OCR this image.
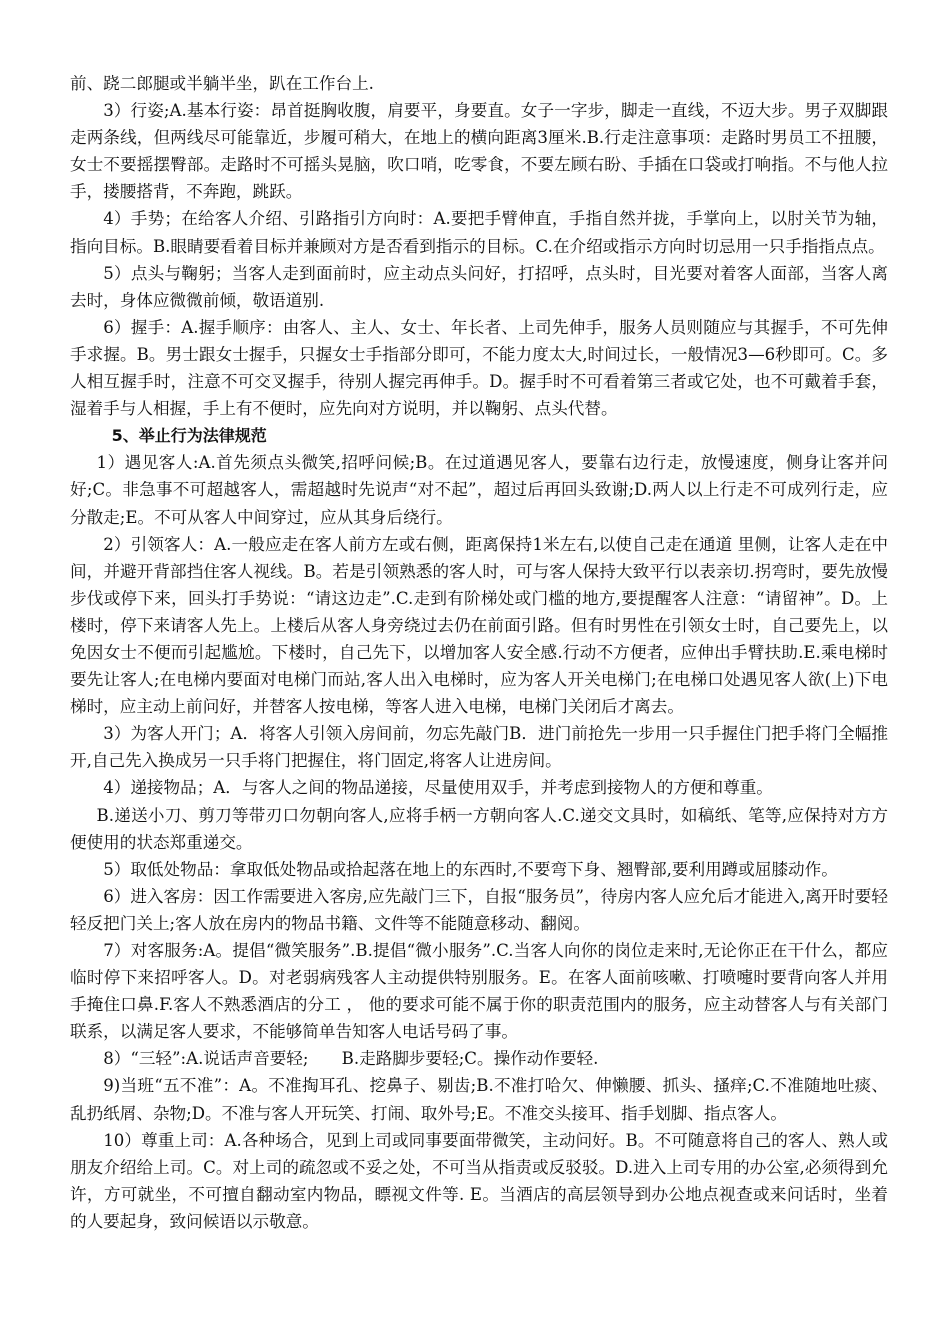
前、跷二郎腿或半躺半坐，趴在工作台上.

3）行姿;A.基本行姿：昂首挺胸收腹，肩要平，身要直。女子一字步，脚走一直线，不迈大步。男子双脚跟走两条线，但两线尽可能靠近，步履可稍大，在地上的横向距离3厘米.B.行走注意事项：走路时男员工不扭腰，女士不要摇摆臀部。走路时不可摇头晃脑，吹口哨，吃零食，不要左顾右盼、手插在口袋或打响指。不与他人拉手，搂腰搭背，不奔跑，跳跃。

4）手势；在给客人介绍、引路指引方向时：A.要把手臂伸直，手指自然并拢，手掌向上，以肘关节为轴，指向目标。B.眼睛要看着目标并兼顾对方是否看到指示的目标。C.在介绍或指示方向时切忌用一只手指指点点。

5）点头与鞠躬；当客人走到面前时，应主动点头问好，打招呼，点头时，目光要对着客人面部，当客人离去时，身体应微微前倾，敬语道别.

6）握手：A.握手顺序：由客人、主人、女士、年长者、上司先伸手，服务人员则随应与其握手，不可先伸手求握。B。男士跟女士握手，只握女士手指部分即可，不能力度太大,时间过长，一般情况3—6秒即可。C。多人相互握手时，注意不可交叉握手，待别人握完再伸手。D。握手时不可看着第三者或它处，也不可戴着手套，湿着手与人相握，手上有不便时，应先向对方说明，并以鞠躬、点头代替。

5、举止行为法律规范

1）遇见客人:A.首先须点头微笑,招呼问候;B。在过道遇见客人，要靠右边行走，放慢速度，侧身让客并问好;C。非急事不可超越客人，需超越时先说声“对不起”，超过后再回头致谢;D.两人以上行走不可成列行走，应分散走;E。不可从客人中间穿过，应从其身后绕行。

2）引领客人：A.一般应走在客人前方左或右侧，距离保持1米左右,以使自己走在通道 里侧，让客人走在中间，并避开背部挡住客人视线。B。若是引领熟悉的客人时，可与客人保持大致平行以表亲切.拐弯时，要先放慢步伐或停下来，回头打手势说：“请这边走”.C.走到有阶梯处或门槛的地方,要提醒客人注意：“请留神”。D。上楼时，停下来请客人先上。上楼后从客人身旁绕过去仍在前面引路。但有时男性在引领女士时，自己要先上，以免因女士不便而引起尴尬。下楼时，自己先下，以增加客人安全感.行动不方便者，应伸出手臂扶助.E.乘电梯时要先让客人;在电梯内要面对电梯门而站,客人出入电梯时，应为客人开关电梯门;在电梯口处遇见客人欲(上)下电梯时，应主动上前问好，并替客人按电梯，等客人进入电梯，电梯门关闭后才离去。

3）为客人开门；A．将客人引领入房间前，勿忘先敲门B．进门前抢先一步用一只手握住门把手将门全幅推开,自己先入换成另一只手将门把握住，将门固定,将客人让进房间。

4）递接物品；A．与客人之间的物品递接，尽量使用双手，并考虑到接物人的方便和尊重。

B.递送小刀、剪刀等带刃口勿朝向客人,应将手柄一方朝向客人.C.递交文具时，如稿纸、笔等,应保持对方方便使用的状态郑重递交。

5）取低处物品：拿取低处物品或拾起落在地上的东西时,不要弯下身、翘臀部,要利用蹲或屈膝动作。

6）进入客房：因工作需要进入客房,应先敲门三下，自报“服务员”，待房内客人应允后才能进入,离开时要轻轻反把门关上;客人放在房内的物品书籍、文件等不能随意移动、翻阅。

7）对客服务:A。提倡“微笑服务”.B.提倡“微小服务”.C.当客人向你的岗位走来时,无论你正在干什么，都应临时停下来招呼客人。D。对老弱病残客人主动提供特别服务。E。在客人面前咳嗽、打喷嚏时要背向客人并用手掩住口鼻.F.客人不熟悉酒店的分工 ， 他的要求可能不属于你的职责范围内的服务，应主动替客人与有关部门联系，以满足客人要求，不能够简单告知客人电话号码了事。

8）“三轻”:A.说话声音要轻;　　B.走路脚步要轻;C。操作动作要轻.

9)当班“五不准”：A。不准掏耳孔、挖鼻子、剔齿;B.不准打哈欠、伸懒腰、抓头、搔痒;C.不准随地吐痰、乱扔纸屑、杂物;D。不准与客人开玩笑、打闹、取外号;E。不准交头接耳、指手划脚、指点客人。

10）尊重上司：A.各种场合，见到上司或同事要面带微笑，主动问好。B。不可随意将自己的客人、熟人或朋友介绍给上司。C。对上司的疏忽或不妥之处，不可当从指责或反驳驳。D.进入上司专用的办公室,必须得到允许，方可就坐，不可擅自翻动室内物品，瞟视文件等. E。当酒店的高层领导到办公地点视查或来问话时，坐着的人要起身，致问候语以示敬意。
